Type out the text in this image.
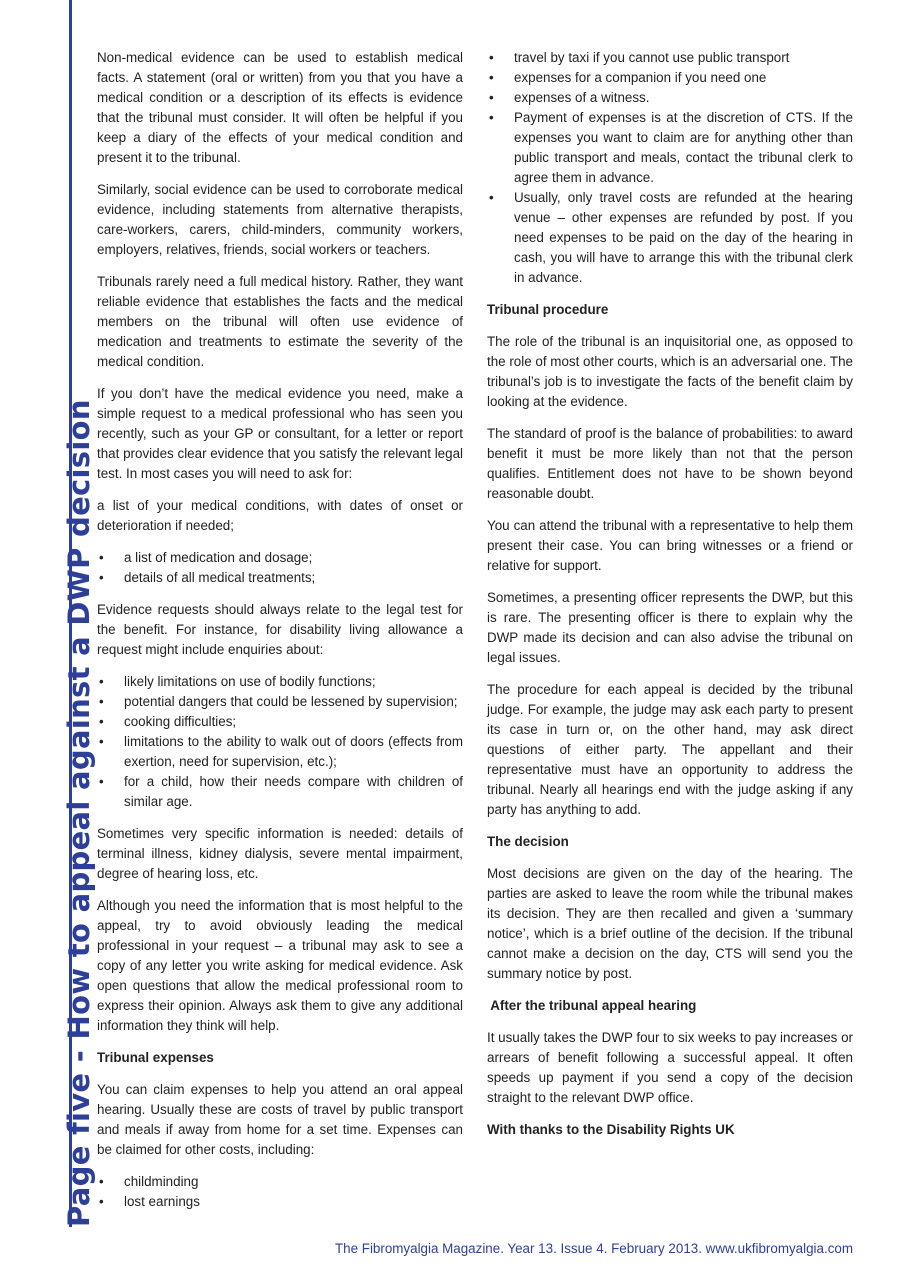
Page five - How to appeal against a DWP decision

Non-medical evidence can be used to establish medical facts. A statement (oral or written) from you that you have a medical condition or a description of its effects is evidence that the tribunal must consider. It will often be helpful if you keep a diary of the effects of your medical condition and present it to the tribunal.

Similarly, social evidence can be used to corroborate medical evidence, including statements from alternative therapists, care-workers, carers, child-minders, community workers, employers, relatives, friends, social workers or teachers.

Tribunals rarely need a full medical history. Rather, they want reliable evidence that establishes the facts and the medical members on the tribunal will often use evidence of medication and treatments to estimate the severity of the medical condition.

If you don’t have the medical evidence you need, make a simple request to a medical professional who has seen you recently, such as your GP or consultant, for a letter or report that provides clear evidence that you satisfy the relevant legal test. In most cases you will need to ask for:

a list of your medical conditions, with dates of onset or deterioration if needed;

• a list of medication and dosage;
• details of all medical treatments;

Evidence requests should always relate to the legal test for the benefit. For instance, for disability living allowance a request might include enquiries about:

• likely limitations on use of bodily functions;
• potential dangers that could be lessened by supervision;
• cooking difficulties;
• limitations to the ability to walk out of doors (effects from exertion, need for supervision, etc.);
• for a child, how their needs compare with children of similar age.

Sometimes very specific information is needed: details of terminal illness, kidney dialysis, severe mental impairment, degree of hearing loss, etc.

Although you need the information that is most helpful to the appeal, try to avoid obviously leading the medical professional in your request – a tribunal may ask to see a copy of any letter you write asking for medical evidence. Ask open questions that allow the medical professional room to express their opinion. Always ask them to give any additional information they think will help.

Tribunal expenses

You can claim expenses to help you attend an oral appeal hearing. Usually these are costs of travel by public transport and meals if away from home for a set time. Expenses can be claimed for other costs, including:

• childminding
• lost earnings
• travel by taxi if you cannot use public transport
• expenses for a companion if you need one
• expenses of a witness.
• Payment of expenses is at the discretion of CTS. If the expenses you want to claim are for anything other than public transport and meals, contact the tribunal clerk to agree them in advance.
• Usually, only travel costs are refunded at the hearing venue – other expenses are refunded by post. If you need expenses to be paid on the day of the hearing in cash, you will have to arrange this with the tribunal clerk in advance.
Tribunal procedure

The role of the tribunal is an inquisitorial one, as opposed to the role of most other courts, which is an adversarial one. The tribunal’s job is to investigate the facts of the benefit claim by looking at the evidence.

The standard of proof is the balance of probabilities: to award benefit it must be more likely than not that the person qualifies. Entitlement does not have to be shown beyond reasonable doubt.

You can attend the tribunal with a representative to help them present their case. You can bring witnesses or a friend or relative for support.

Sometimes, a presenting officer represents the DWP, but this is rare. The presenting officer is there to explain why the DWP made its decision and can also advise the tribunal on legal issues.

The procedure for each appeal is decided by the tribunal judge. For example, the judge may ask each party to present its case in turn or, on the other hand, may ask direct questions of either party. The appellant and their representative must have an opportunity to address the tribunal. Nearly all hearings end with the judge asking if any party has anything to add.

The decision

Most decisions are given on the day of the hearing. The parties are asked to leave the room while the tribunal makes its decision. They are then recalled and given a ‘summary notice’, which is a brief outline of the decision. If the tribunal cannot make a decision on the day, CTS will send you the summary notice by post.

After the tribunal appeal hearing

It usually takes the DWP four to six weeks to pay increases or arrears of benefit following a successful appeal. It often speeds up payment if you send a copy of the decision straight to the relevant DWP office.

With thanks to the Disability Rights UK
The Fibromyalgia Magazine. Year 13. Issue 4. February 2013. www.ukfibromyalgia.com
